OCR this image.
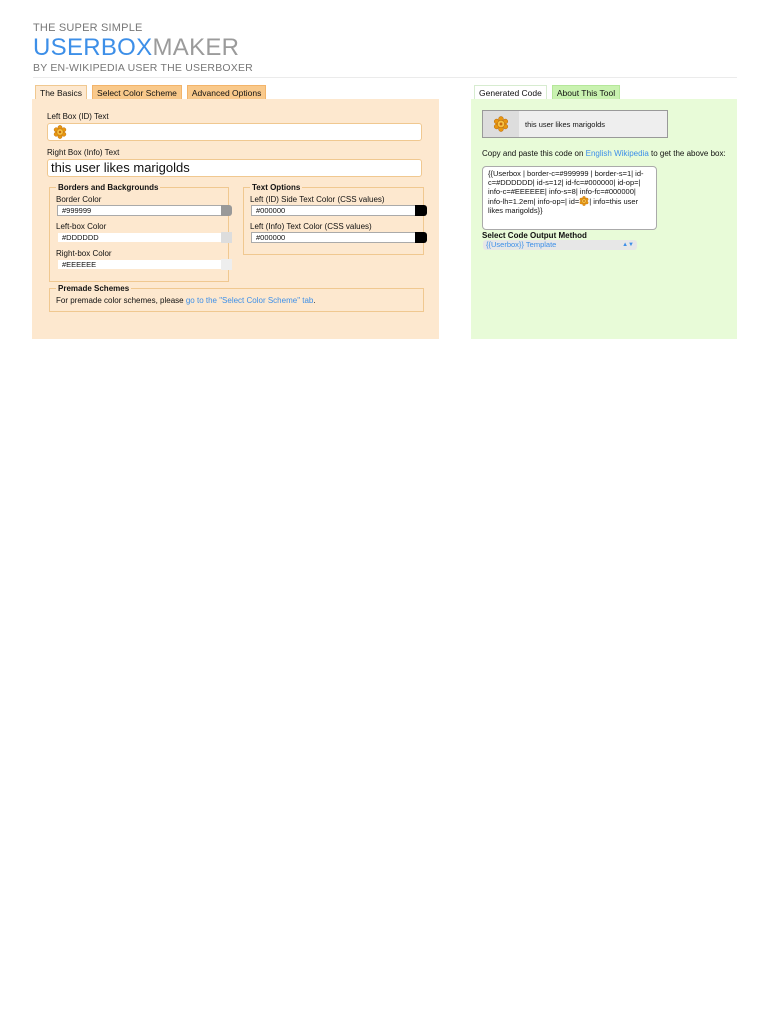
THE SUPER SIMPLE
USERBOXMAKER
BY EN-WIKIPEDIA USER THE USERBOXER
The Basics	Select Color Scheme	Advanced Options	Generated Code	About This Tool
Left Box (ID) Text
Right Box (Info) Text
this user likes marigolds
Borders and Backgrounds
Border Color
#999999
Left-box Color
#DDDDDD
Right-box Color
#EEEEEE
Text Options
Left (ID) Side Text Color (CSS values)
#000000
Left (Info) Text Color (CSS values)
#000000
Premade Schemes
For premade color schemes, please go to the "Select Color Scheme" tab.
this user likes marigolds
Copy and paste this code on English Wikipedia to get the above box:
{{Userbox | border-c=#999999 | border-s=1| id-c=#DDDDDD| id-s=12| id-fc=#000000| id-op=| info-c=#EEEEEE| info-s=8| info-fc=#000000| info-lh=1.2em| info-op=| id= | info=this user likes marigolds}}
Select Code Output Method
{{Userbox}} Template	▲▼
